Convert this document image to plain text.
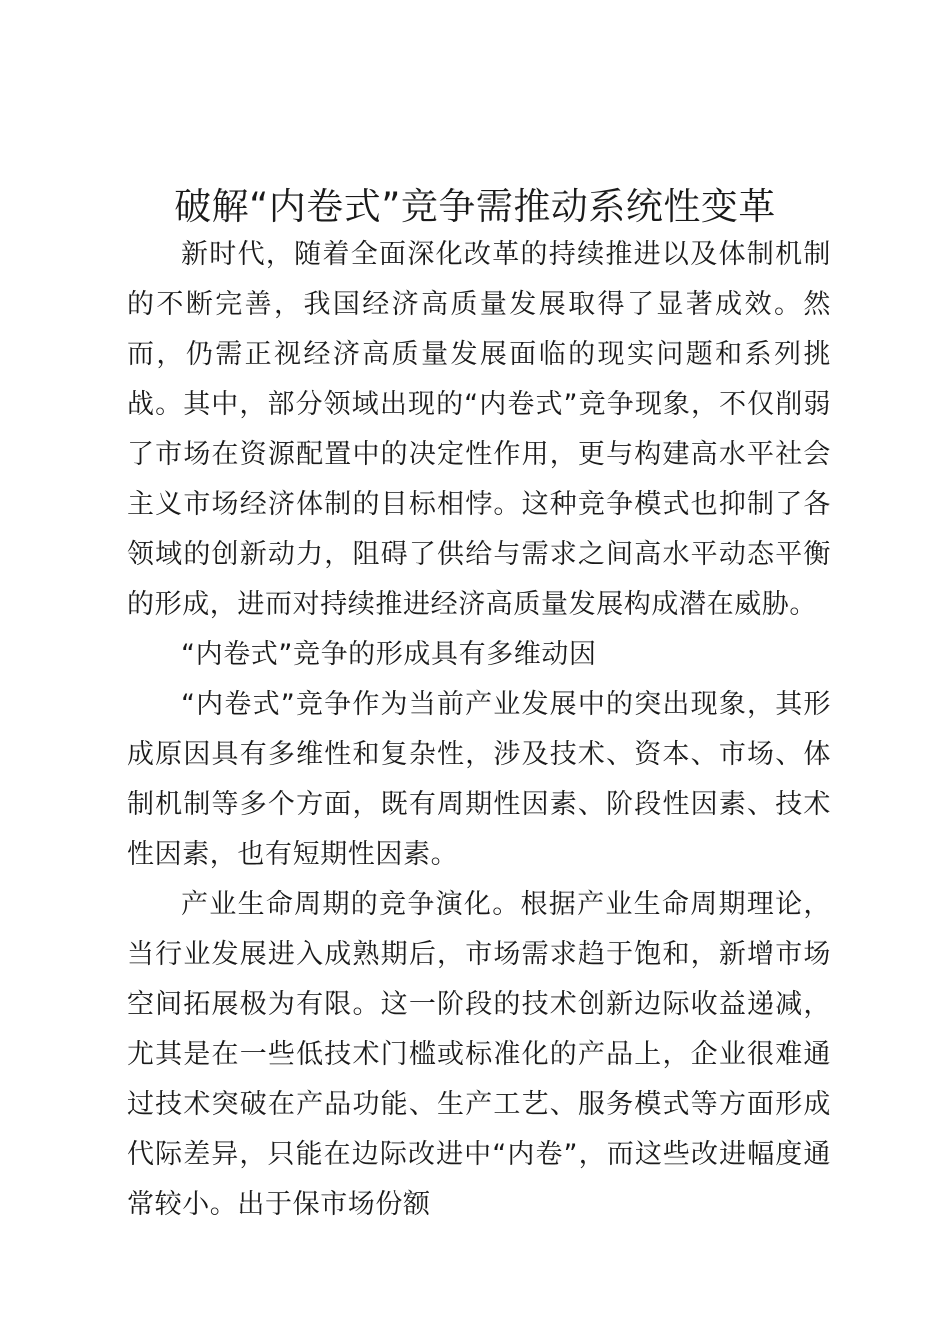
破解“内卷式”竞争需推动系统性变革

新时代，随着全面深化改革的持续推进以及体制机制的不断完善，我国经济高质量发展取得了显著成效。然而，仍需正视经济高质量发展面临的现实问题和系列挑战。其中，部分领域出现的“内卷式”竞争现象，不仅削弱了市场在资源配置中的决定性作用，更与构建高水平社会主义市场经济体制的目标相悖。这种竞争模式也抑制了各领域的创新动力，阻碍了供给与需求之间高水平动态平衡的形成，进而对持续推进经济高质量发展构成潜在威胁。

“内卷式”竞争的形成具有多维动因

“内卷式”竞争作为当前产业发展中的突出现象，其形成原因具有多维性和复杂性，涉及技术、资本、市场、体制机制等多个方面，既有周期性因素、阶段性因素、技术性因素，也有短期性因素。

产业生命周期的竞争演化。根据产业生命周期理论，当行业发展进入成熟期后，市场需求趋于饱和，新增市场空间拓展极为有限。这一阶段的技术创新边际收益递减，尤其是在一些低技术门槛或标准化的产品上，企业很难通过技术突破在产品功能、生产工艺、服务模式等方面形成代际差异，只能在边际改进中“内卷”，而这些改进幅度通常较小。出于保市场份额
